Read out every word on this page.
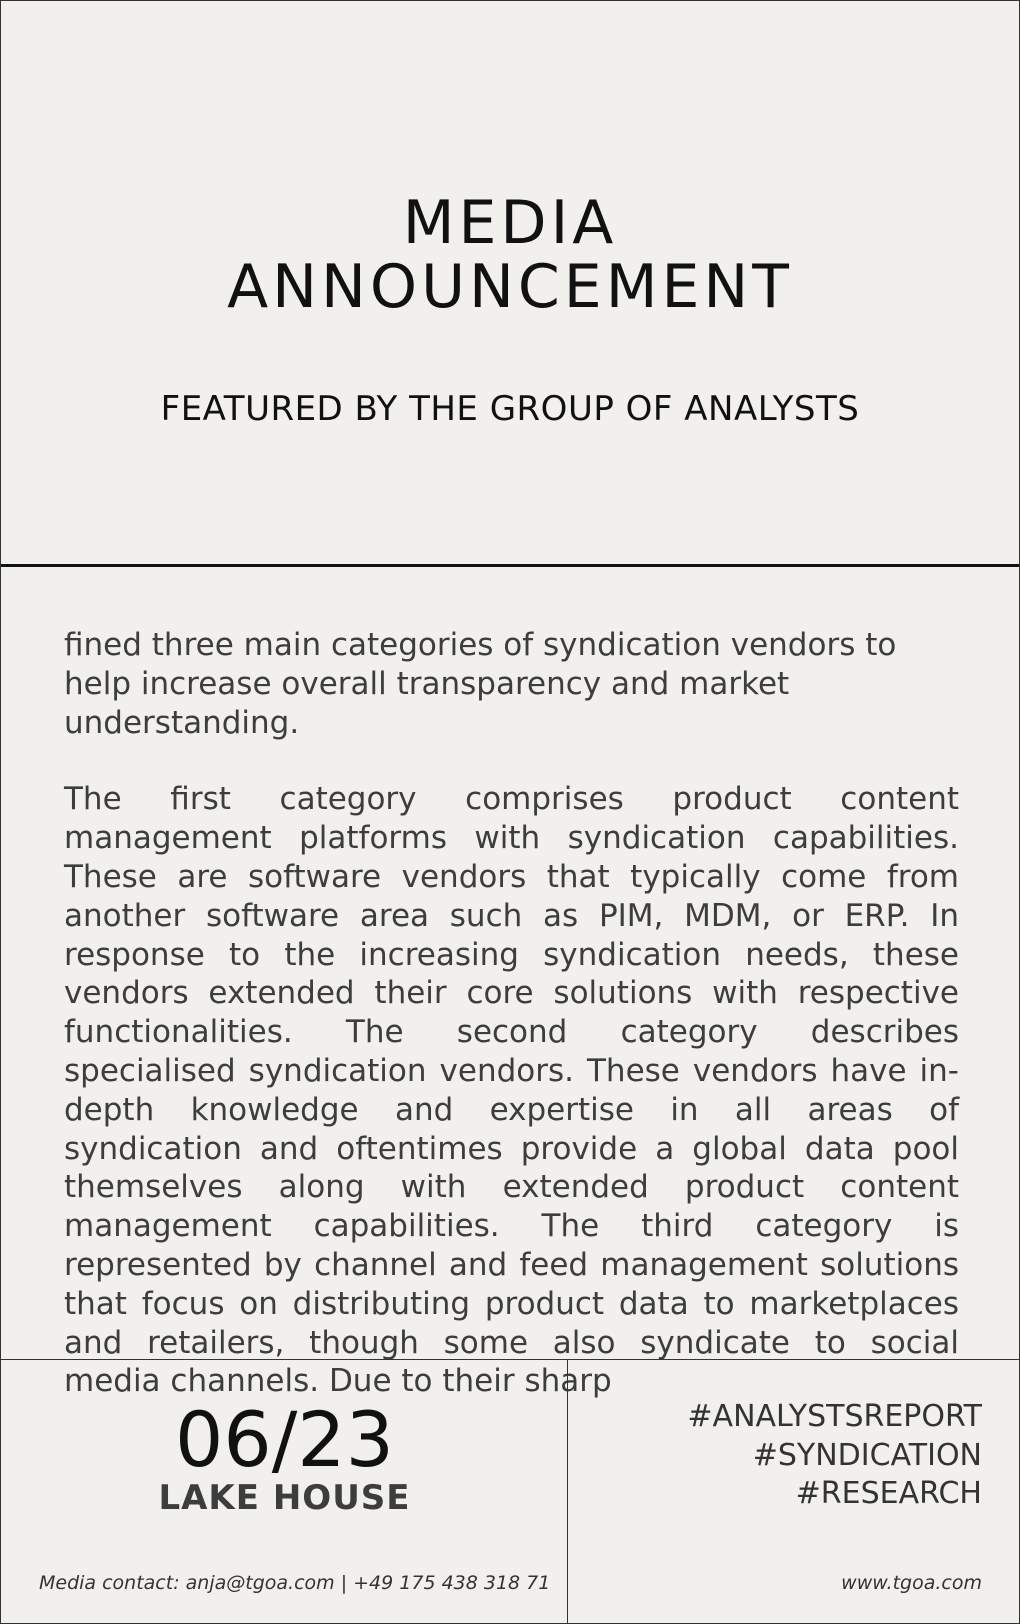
MEDIA
ANNOUNCEMENT

FEATURED BY THE GROUP OF ANALYSTS

fined three main categories of syndication vendors to help increase overall transparency and market understanding.

The first category comprises product content management platforms with syndication capabilities. These are software vendors that typically come from another software area such as PIM, MDM, or ERP. In response to the increasing syndication needs, these vendors extended their core solutions with respective functionalities. The second category describes specialised syndication vendors. These vendors have in-depth knowledge and expertise in all areas of syndication and oftentimes provide a global data pool themselves along with extended product content management capabilities. The third category is represented by channel and feed management solutions that focus on distributing product data to marketplaces and retailers, though some also syndicate to social media channels. Due to their sharp

06/23
LAKE HOUSE
Media contact: anja@tgoa.com | +49 175 438 318 71
#ANALYSTSREPORT
#SYNDICATION
#RESEARCH
www.tgoa.com
